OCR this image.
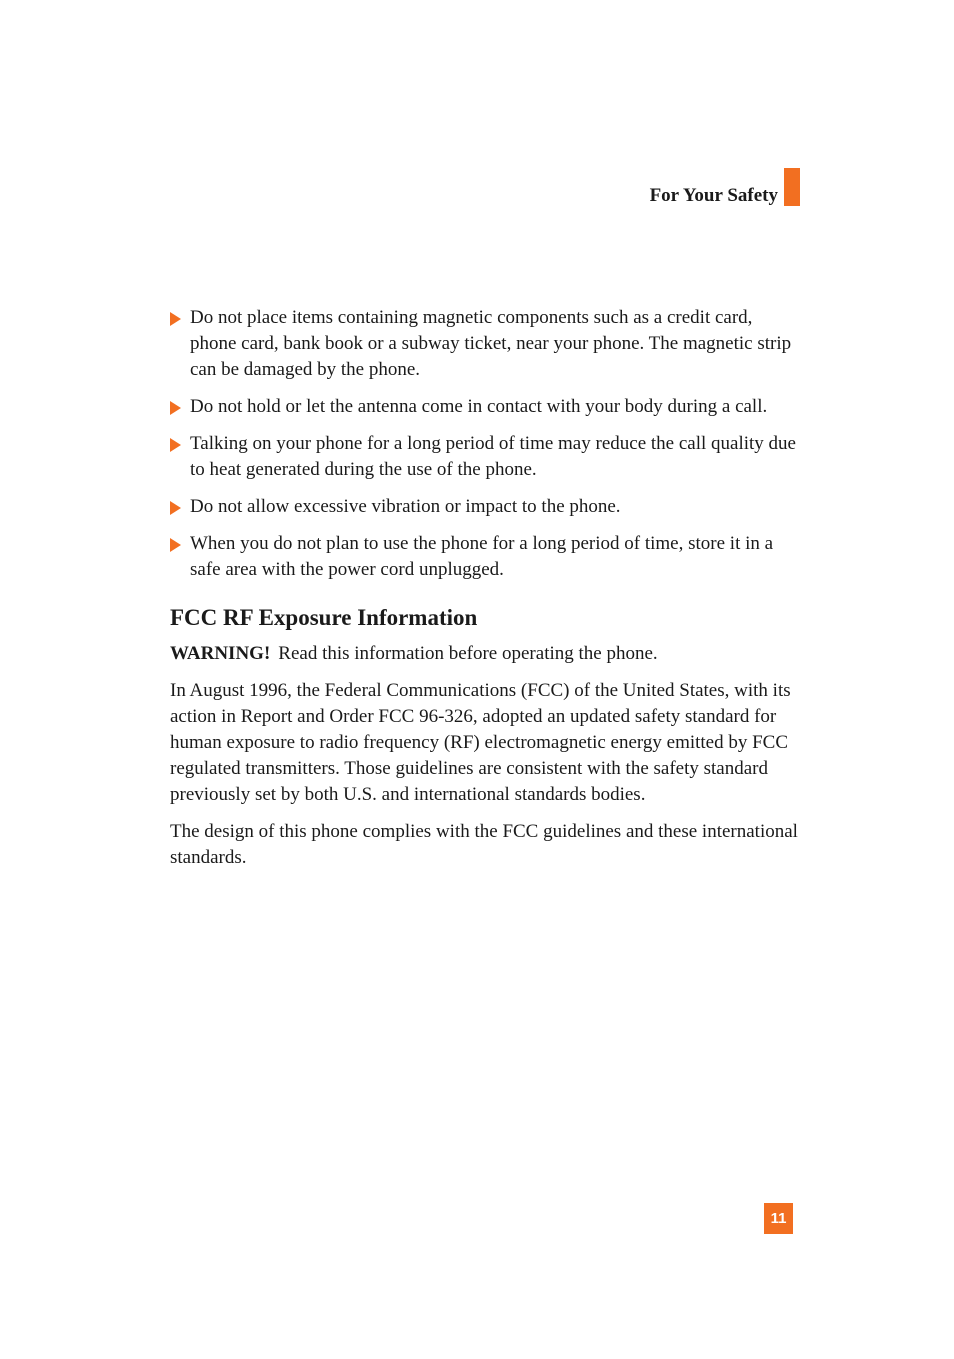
For Your Safety
Do not place items containing magnetic components such as a credit card, phone card, bank book or a subway ticket, near your phone. The magnetic strip can be damaged by the phone.
Do not hold or let the antenna come in contact with your body during a call.
Talking on your phone for a long period of time may reduce the call quality due to heat generated during the use of the phone.
Do not allow excessive vibration or impact to the phone.
When you do not plan to use the phone for a long period of time, store it in a safe area with the power cord unplugged.
FCC RF Exposure Information

WARNING! Read this information before operating the phone.

In August 1996, the Federal Communications (FCC) of the United States, with its action in Report and Order FCC 96-326, adopted an updated safety standard for human exposure to radio frequency (RF) electromagnetic energy emitted by FCC regulated transmitters. Those guidelines are consistent with the safety standard previously set by both U.S. and international standards bodies.

The design of this phone complies with the FCC guidelines and these international standards.

11
